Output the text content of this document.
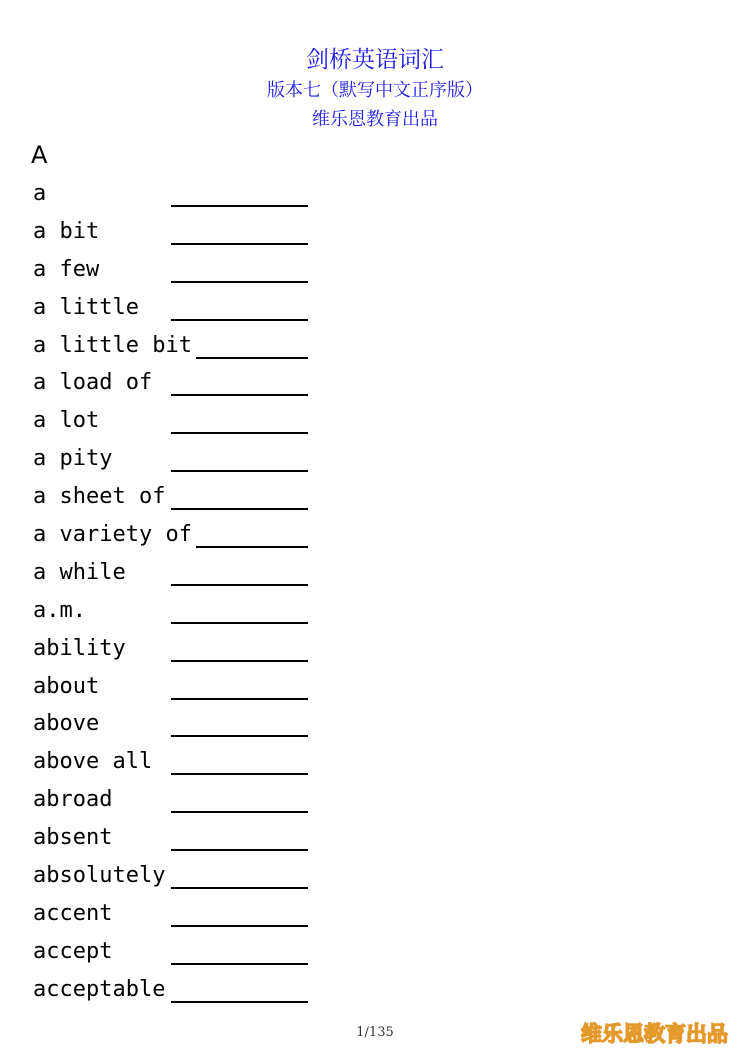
剑桥英语词汇
版本七（默写中文正序版）
维乐恩教育出品
A
a
a bit
a few
a little
a little bit
a load of
a lot
a pity
a sheet of
a variety of
a while
a.m.
ability
about
above
above all
abroad
absent
absolutely
accent
accept
acceptable
1/135	维乐恩教育出品
